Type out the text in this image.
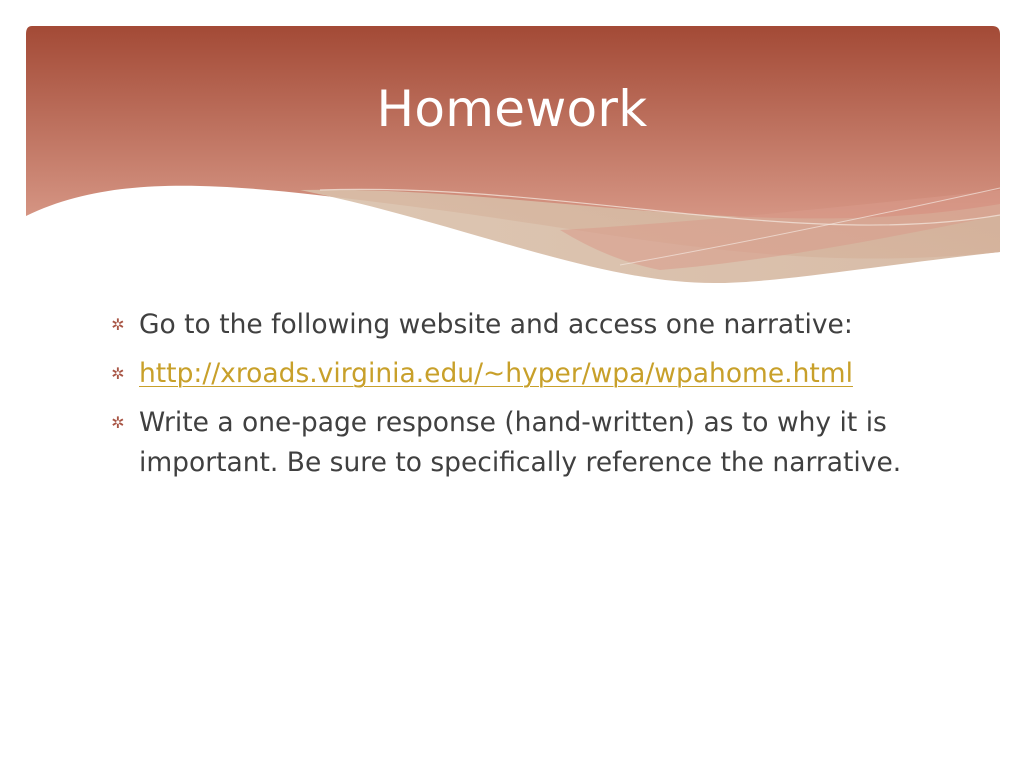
Homework
✲ Go to the following website and access one narrative:
✲ http://xroads.virginia.edu/~hyper/wpa/wpahome.html
✲ Write a one-page response (hand-written) as to why it is important. Be sure to specifically reference the narrative.
